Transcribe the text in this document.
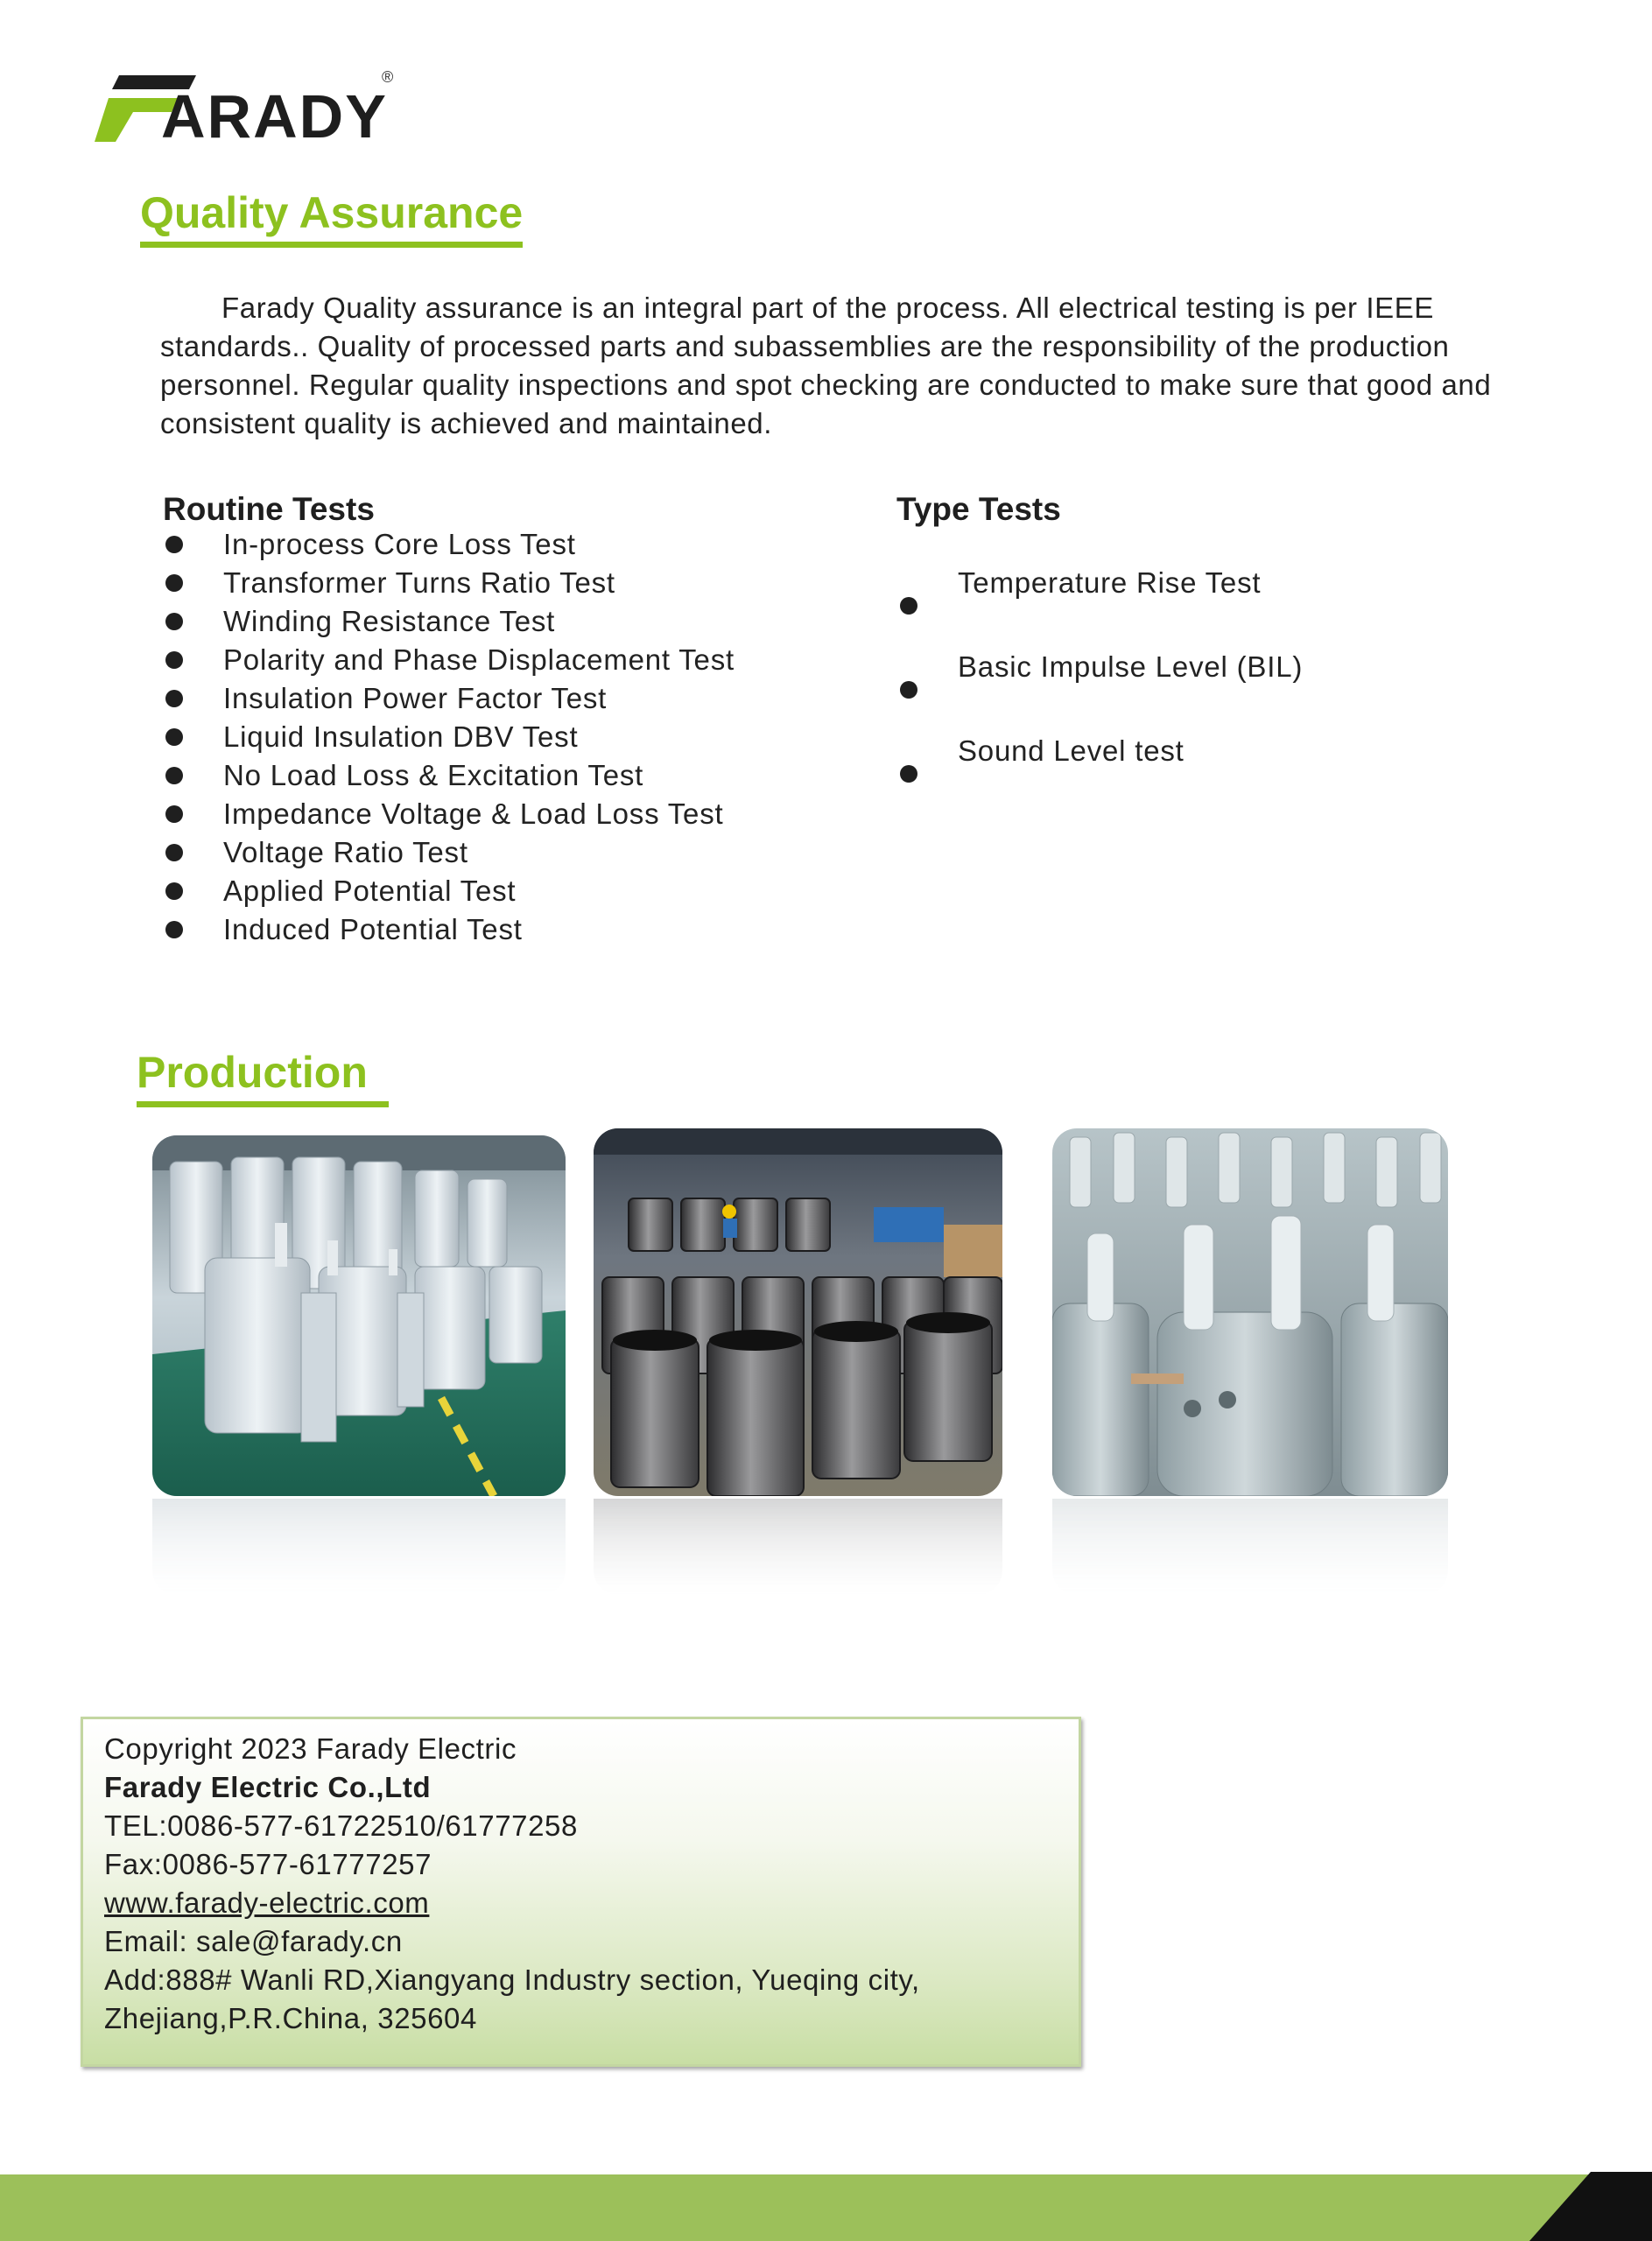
ARADY
®
Quality Assurance
Farady Quality assurance is an integral part of the process. All electrical testing is per IEEE standards.. Quality of processed parts and subassemblies are the responsibility of the production personnel. Regular quality inspections and spot checking are conducted to make sure that good and consistent quality is achieved and maintained.
Routine Tests
In-process Core Loss Test
Transformer Turns Ratio Test
Winding Resistance Test
Polarity and Phase Displacement Test
Insulation Power Factor Test
Liquid Insulation DBV Test
No Load Loss & Excitation Test
Impedance Voltage & Load Loss Test
Voltage Ratio Test
Applied Potential Test
Induced Potential Test
Type Tests
Temperature Rise Test
Basic Impulse Level (BIL)
Sound Level test
Production
Copyright 2023 Farady Electric
Farady Electric Co.,Ltd
TEL:0086-577-61722510/61777258
Fax:0086-577-61777257
www.farady-electric.com
Email: sale@farady.cn
Add:888# Wanli RD,Xiangyang Industry section, Yueqing city,
Zhejiang,P.R.China, 325604
